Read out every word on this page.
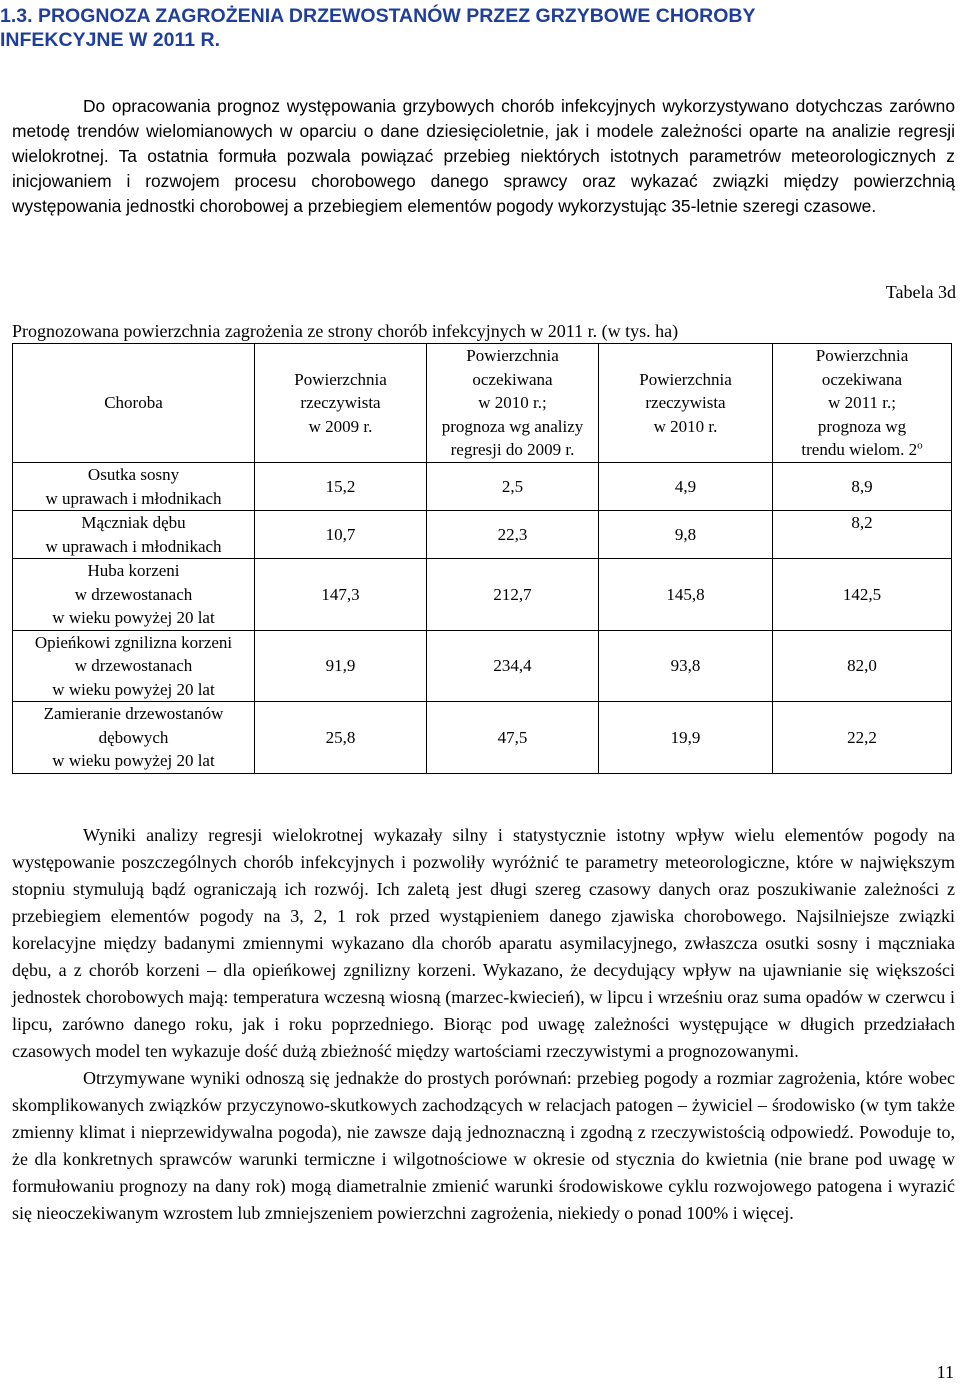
1.3. PROGNOZA ZAGROŻENIA DRZEWOSTANÓW PRZEZ GRZYBOWE CHOROBY
INFEKCYJNE W 2011 R.

Do opracowania prognoz występowania grzybowych chorób infekcyjnych wykorzystywano dotychczas zarówno metodę trendów wielomianowych w oparciu o dane dziesięcioletnie, jak i modele zależności oparte na analizie regresji wielokrotnej. Ta ostatnia formuła pozwala powiązać przebieg niektórych istotnych parametrów meteorologicznych z inicjowaniem i rozwojem procesu chorobowego danego sprawcy oraz wykazać związki między powierzchnią występowania jednostki chorobowej a przebiegiem elementów pogody wykorzystując 35-letnie szeregi czasowe.

Tabela 3d
Prognozowana powierzchnia zagrożenia ze strony chorób infekcyjnych w 2011 r. (w tys. ha)
Choroba	Powierzchnia
rzeczywista
w 2009 r.	Powierzchnia
oczekiwana
w 2010 r.;
prognoza wg analizy
regresji do 2009 r.	Powierzchnia
rzeczywista
w 2010 r.	Powierzchnia
oczekiwana
w 2011 r.;
prognoza wg
trendu wielom. 2$^o$
Osutka sosny
w uprawach i młodnikach	15,2	2,5	4,9	8,9
Mączniak dębu
w uprawach i młodnikach	10,7	22,3	9,8	8,2
Huba korzeni
w drzewostanach
w wieku powyżej 20 lat	147,3	212,7	145,8	142,5
Opieńkowi zgnilizna korzeni
w drzewostanach
w wieku powyżej 20 lat	91,9	234,4	93,8	82,0
Zamieranie drzewostanów
dębowych
w wieku powyżej 20 lat	25,8	47,5	19,9	22,2

Wyniki analizy regresji wielokrotnej wykazały silny i statystycznie istotny wpływ wielu elementów pogody na występowanie poszczególnych chorób infekcyjnych i pozwoliły wyróżnić te parametry meteorologiczne, które w największym stopniu stymulują bądź ograniczają ich rozwój. Ich zaletą jest długi szereg czasowy danych oraz poszukiwanie zależności z przebiegiem elementów pogody na 3, 2, 1 rok przed wystąpieniem danego zjawiska chorobowego. Najsilniejsze związki korelacyjne między badanymi zmiennymi wykazano dla chorób aparatu asymilacyjnego, zwłaszcza osutki sosny i mączniaka dębu, a z chorób korzeni – dla opieńkowej zgnilizny korzeni. Wykazano, że decydujący wpływ na ujawnianie się większości jednostek chorobowych mają: temperatura wczesną wiosną (marzec-kwiecień), w lipcu i wrześniu oraz suma opadów w czerwcu i lipcu, zarówno danego roku, jak i roku poprzedniego. Biorąc pod uwagę zależności występujące w długich przedziałach czasowych model ten wykazuje dość dużą zbieżność między wartościami rzeczywistymi a prognozowanymi.

Otrzymywane wyniki odnoszą się jednakże do prostych porównań: przebieg pogody a rozmiar zagrożenia, które wobec skomplikowanych związków przyczynowo-skutkowych zachodzących w relacjach patogen – żywiciel – środowisko (w tym także zmienny klimat i nieprzewidywalna pogoda), nie zawsze dają jednoznaczną i zgodną z rzeczywistością odpowiedź. Powoduje to, że dla konkretnych sprawców warunki termiczne i wilgotnościowe w okresie od stycznia do kwietnia (nie brane pod uwagę w formułowaniu prognozy na dany rok) mogą diametralnie zmienić warunki środowiskowe cyklu rozwojowego patogena i wyrazić się nieoczekiwanym wzrostem lub zmniejszeniem powierzchni zagrożenia, niekiedy o ponad 100% i więcej.

11
